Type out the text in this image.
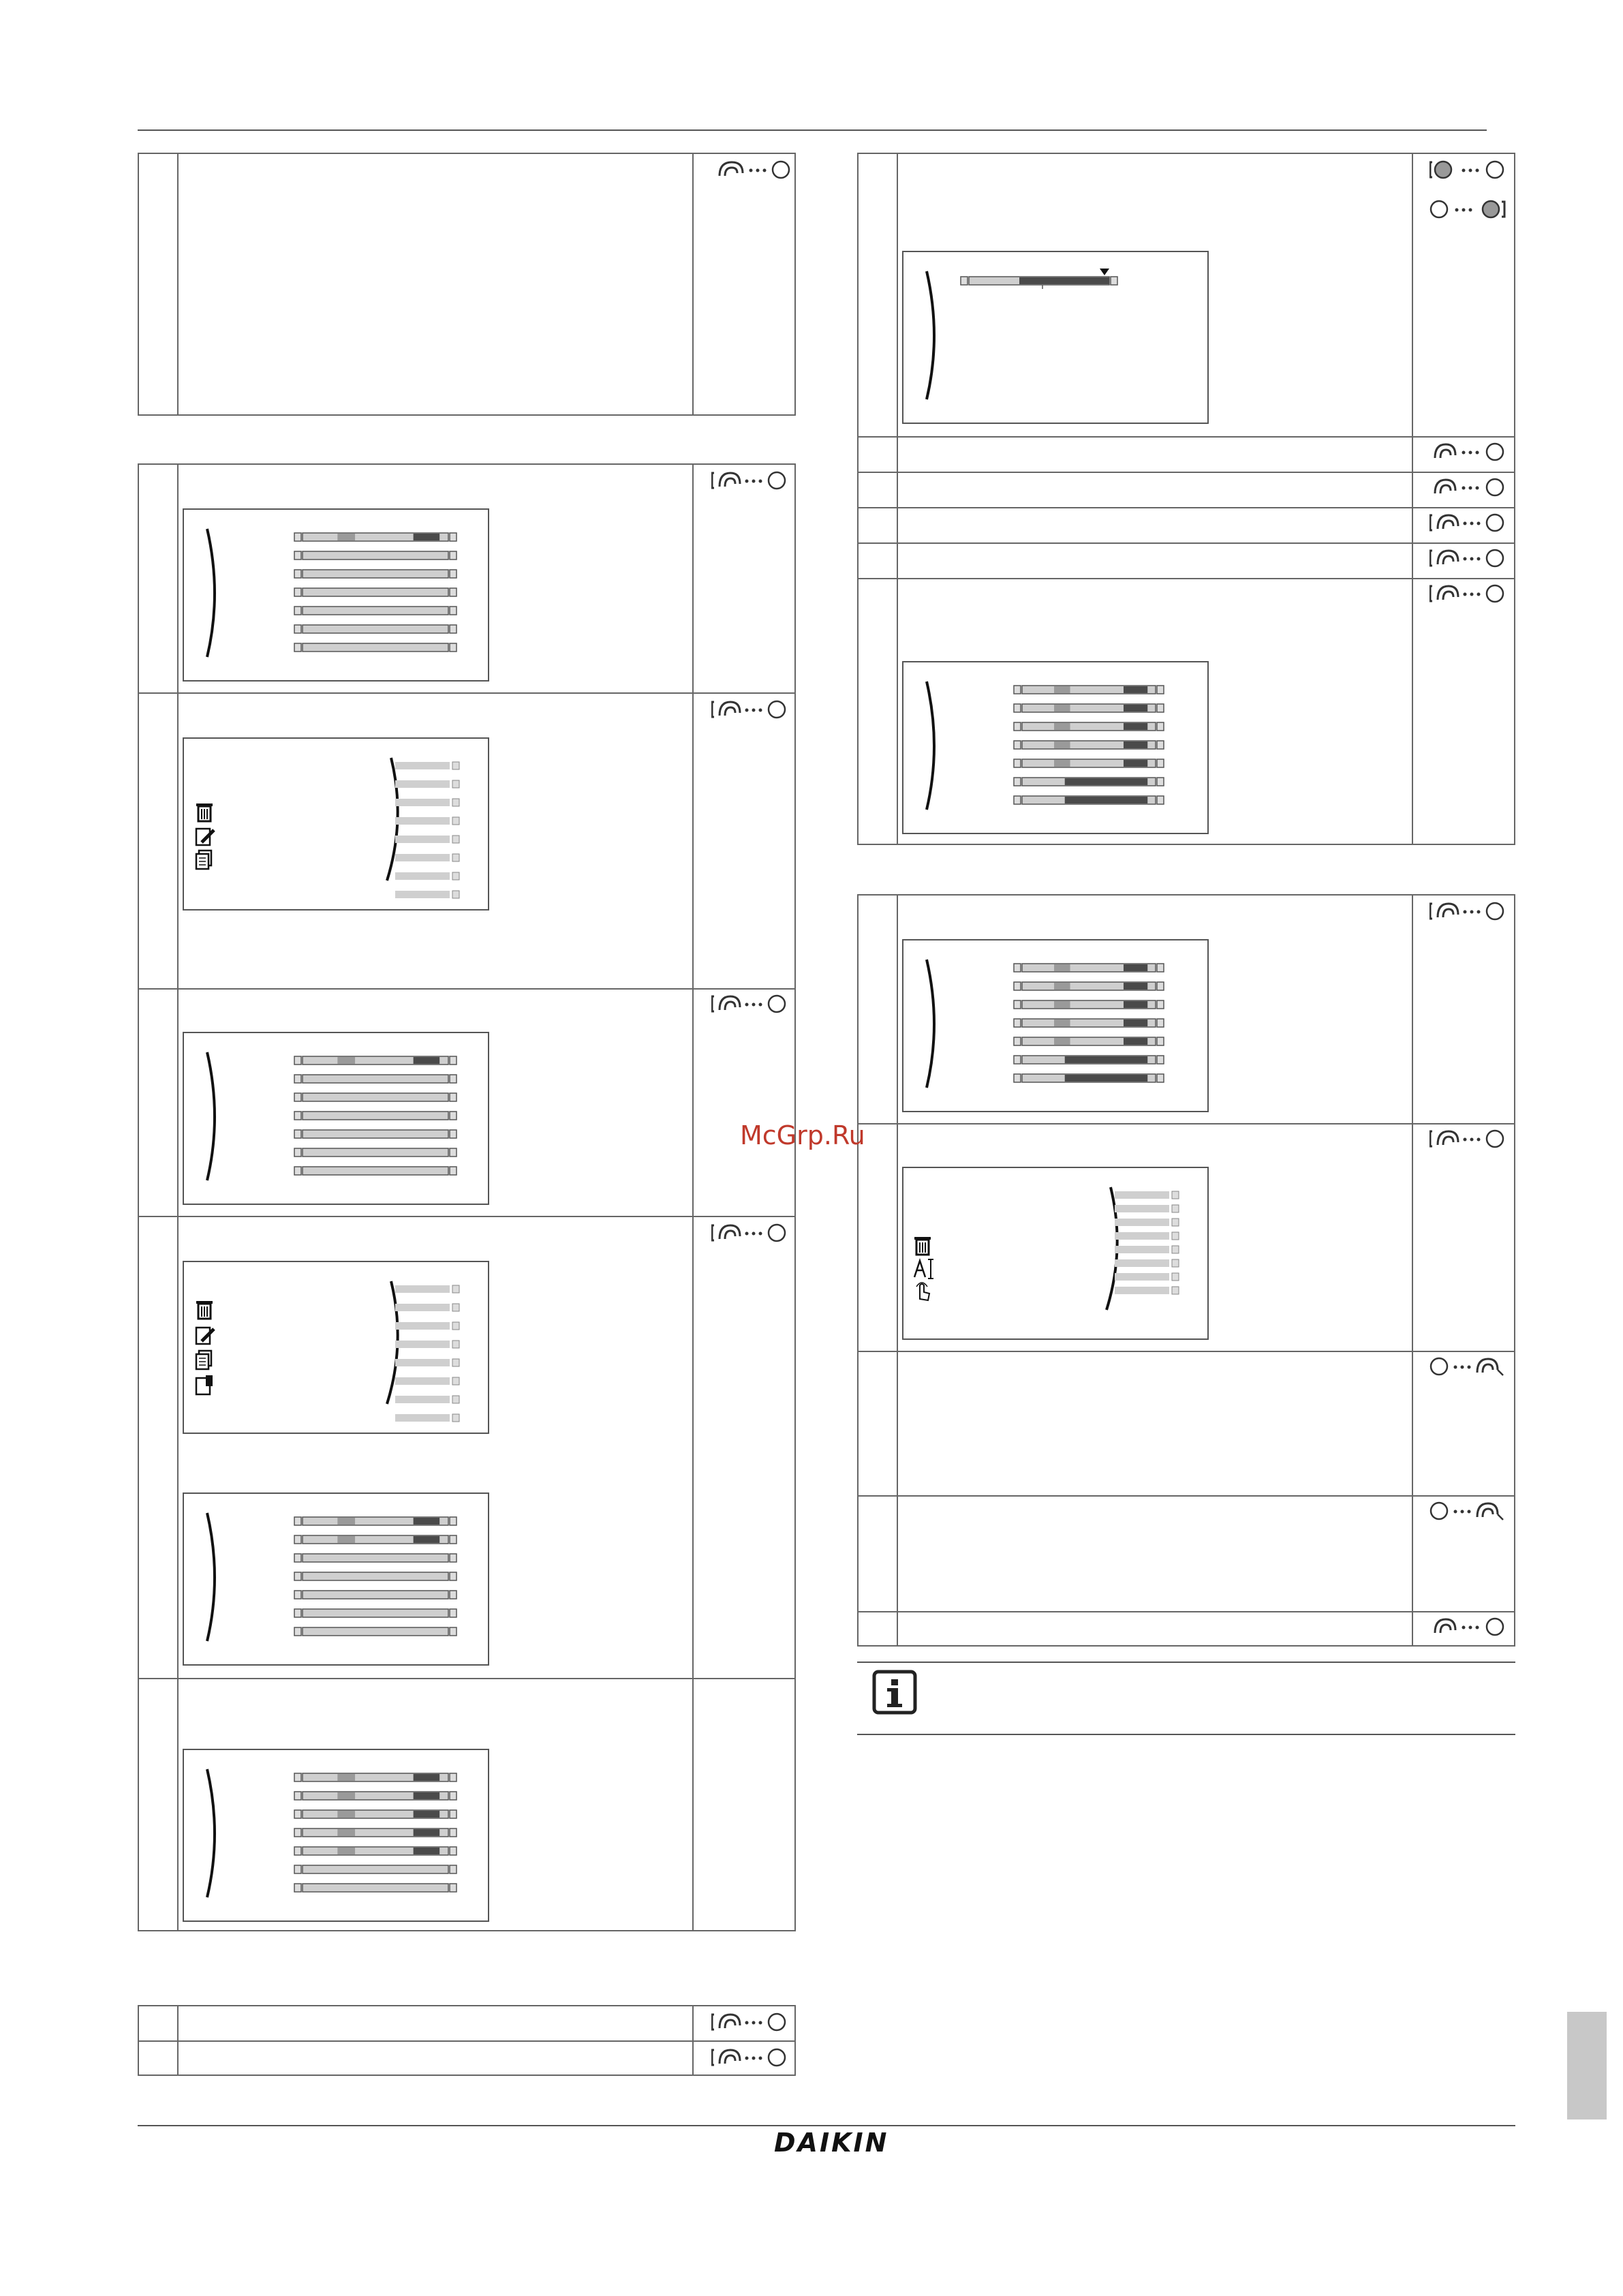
DAIKIN
McGrp.Ru
